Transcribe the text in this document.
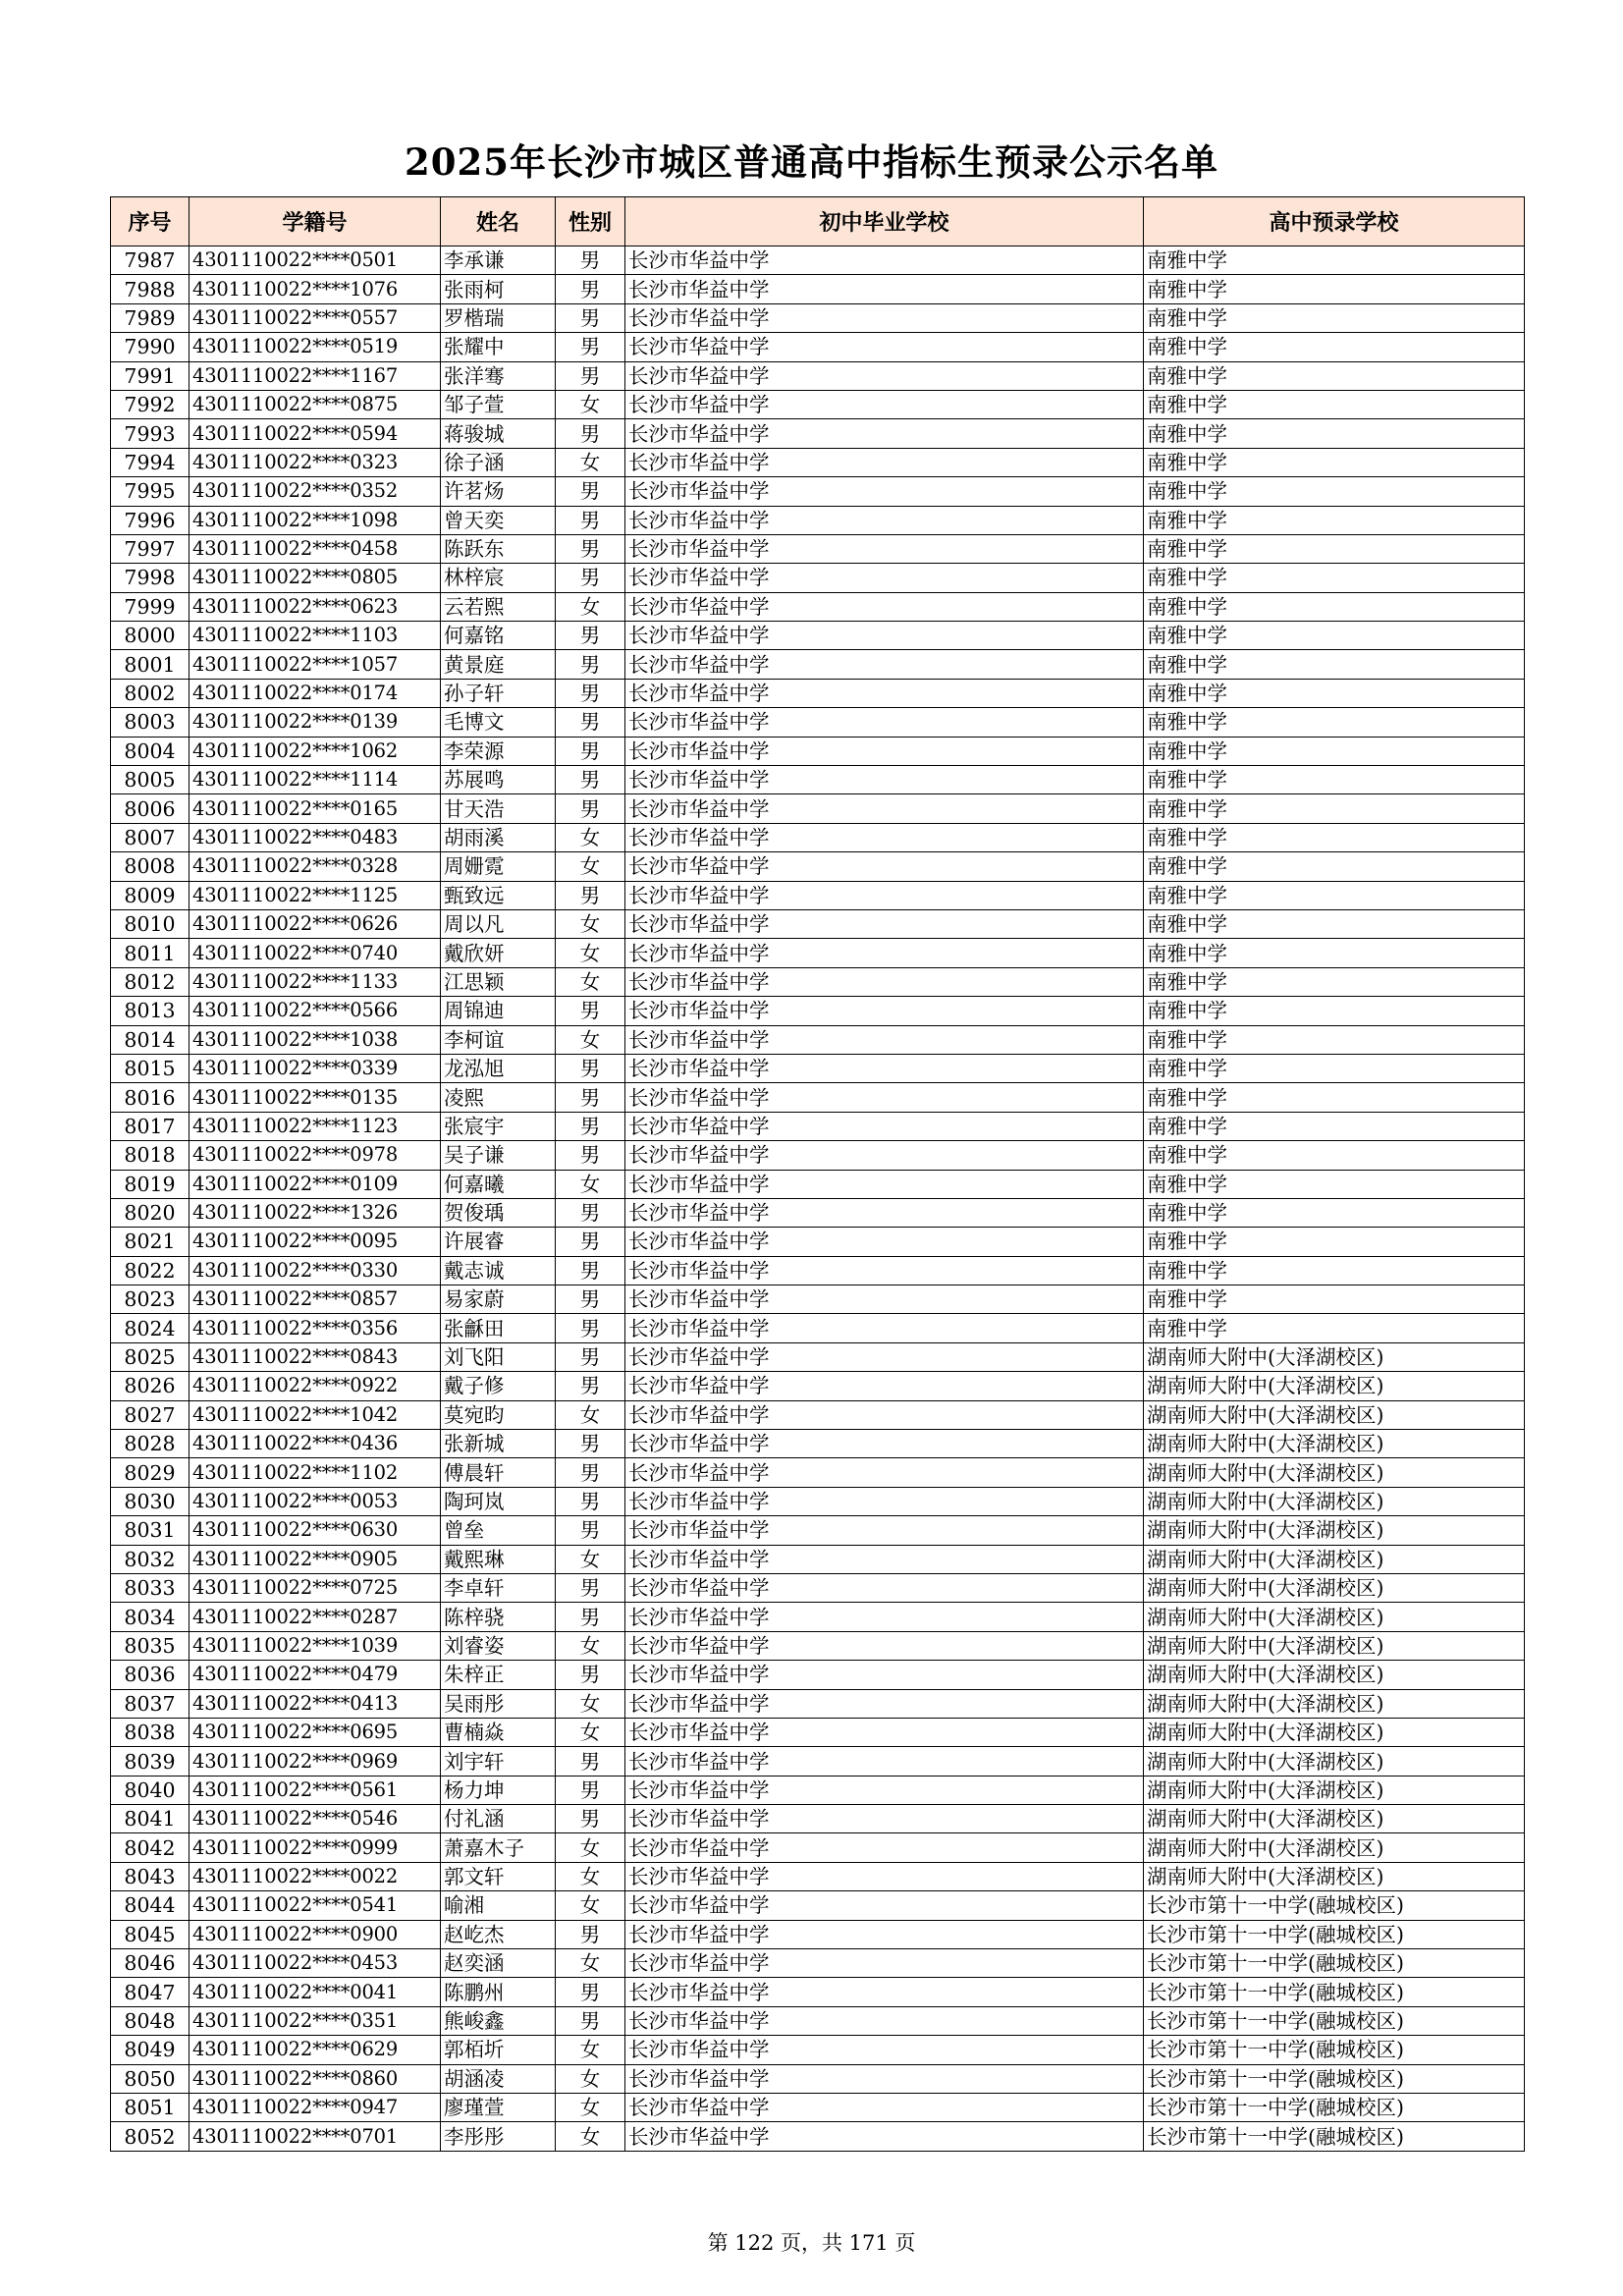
2025年长沙市城区普通高中指标生预录公示名单
序号	学籍号	姓名	性别	初中毕业学校	高中预录学校
7987	4301110022****0501	李承谦	男	长沙市华益中学	南雅中学
7988	4301110022****1076	张雨柯	男	长沙市华益中学	南雅中学
7989	4301110022****0557	罗楷瑞	男	长沙市华益中学	南雅中学
7990	4301110022****0519	张耀中	男	长沙市华益中学	南雅中学
7991	4301110022****1167	张洋骞	男	长沙市华益中学	南雅中学
7992	4301110022****0875	邹子萱	女	长沙市华益中学	南雅中学
7993	4301110022****0594	蒋骏城	男	长沙市华益中学	南雅中学
7994	4301110022****0323	徐子涵	女	长沙市华益中学	南雅中学
7995	4301110022****0352	许茗炀	男	长沙市华益中学	南雅中学
7996	4301110022****1098	曾天奕	男	长沙市华益中学	南雅中学
7997	4301110022****0458	陈跃东	男	长沙市华益中学	南雅中学
7998	4301110022****0805	林梓宸	男	长沙市华益中学	南雅中学
7999	4301110022****0623	云若熙	女	长沙市华益中学	南雅中学
8000	4301110022****1103	何嘉铭	男	长沙市华益中学	南雅中学
8001	4301110022****1057	黄景庭	男	长沙市华益中学	南雅中学
8002	4301110022****0174	孙子轩	男	长沙市华益中学	南雅中学
8003	4301110022****0139	毛博文	男	长沙市华益中学	南雅中学
8004	4301110022****1062	李荣源	男	长沙市华益中学	南雅中学
8005	4301110022****1114	苏展鸣	男	长沙市华益中学	南雅中学
8006	4301110022****0165	甘天浩	男	长沙市华益中学	南雅中学
8007	4301110022****0483	胡雨溪	女	长沙市华益中学	南雅中学
8008	4301110022****0328	周姗霓	女	长沙市华益中学	南雅中学
8009	4301110022****1125	甄致远	男	长沙市华益中学	南雅中学
8010	4301110022****0626	周以凡	女	长沙市华益中学	南雅中学
8011	4301110022****0740	戴欣妍	女	长沙市华益中学	南雅中学
8012	4301110022****1133	江思颖	女	长沙市华益中学	南雅中学
8013	4301110022****0566	周锦迪	男	长沙市华益中学	南雅中学
8014	4301110022****1038	李柯谊	女	长沙市华益中学	南雅中学
8015	4301110022****0339	龙泓旭	男	长沙市华益中学	南雅中学
8016	4301110022****0135	凌熙	男	长沙市华益中学	南雅中学
8017	4301110022****1123	张宸宇	男	长沙市华益中学	南雅中学
8018	4301110022****0978	吴子谦	男	长沙市华益中学	南雅中学
8019	4301110022****0109	何嘉曦	女	长沙市华益中学	南雅中学
8020	4301110022****1326	贺俊瑀	男	长沙市华益中学	南雅中学
8021	4301110022****0095	许展睿	男	长沙市华益中学	南雅中学
8022	4301110022****0330	戴志诚	男	长沙市华益中学	南雅中学
8023	4301110022****0857	易家蔚	男	长沙市华益中学	南雅中学
8024	4301110022****0356	张龢田	男	长沙市华益中学	南雅中学
8025	4301110022****0843	刘飞阳	男	长沙市华益中学	湖南师大附中(大泽湖校区)
8026	4301110022****0922	戴子修	男	长沙市华益中学	湖南师大附中(大泽湖校区)
8027	4301110022****1042	莫宛昀	女	长沙市华益中学	湖南师大附中(大泽湖校区)
8028	4301110022****0436	张新城	男	长沙市华益中学	湖南师大附中(大泽湖校区)
8029	4301110022****1102	傅晨轩	男	长沙市华益中学	湖南师大附中(大泽湖校区)
8030	4301110022****0053	陶珂岚	男	长沙市华益中学	湖南师大附中(大泽湖校区)
8031	4301110022****0630	曾垒	男	长沙市华益中学	湖南师大附中(大泽湖校区)
8032	4301110022****0905	戴熙琳	女	长沙市华益中学	湖南师大附中(大泽湖校区)
8033	4301110022****0725	李卓轩	男	长沙市华益中学	湖南师大附中(大泽湖校区)
8034	4301110022****0287	陈梓骁	男	长沙市华益中学	湖南师大附中(大泽湖校区)
8035	4301110022****1039	刘睿姿	女	长沙市华益中学	湖南师大附中(大泽湖校区)
8036	4301110022****0479	朱梓正	男	长沙市华益中学	湖南师大附中(大泽湖校区)
8037	4301110022****0413	吴雨彤	女	长沙市华益中学	湖南师大附中(大泽湖校区)
8038	4301110022****0695	曹楠焱	女	长沙市华益中学	湖南师大附中(大泽湖校区)
8039	4301110022****0969	刘宇轩	男	长沙市华益中学	湖南师大附中(大泽湖校区)
8040	4301110022****0561	杨力坤	男	长沙市华益中学	湖南师大附中(大泽湖校区)
8041	4301110022****0546	付礼涵	男	长沙市华益中学	湖南师大附中(大泽湖校区)
8042	4301110022****0999	萧嘉木子	女	长沙市华益中学	湖南师大附中(大泽湖校区)
8043	4301110022****0022	郭文轩	女	长沙市华益中学	湖南师大附中(大泽湖校区)
8044	4301110022****0541	喻湘	女	长沙市华益中学	长沙市第十一中学(融城校区)
8045	4301110022****0900	赵屹杰	男	长沙市华益中学	长沙市第十一中学(融城校区)
8046	4301110022****0453	赵奕涵	女	长沙市华益中学	长沙市第十一中学(融城校区)
8047	4301110022****0041	陈鹏州	男	长沙市华益中学	长沙市第十一中学(融城校区)
8048	4301110022****0351	熊峻鑫	男	长沙市华益中学	长沙市第十一中学(融城校区)
8049	4301110022****0629	郭栢圻	女	长沙市华益中学	长沙市第十一中学(融城校区)
8050	4301110022****0860	胡涵凌	女	长沙市华益中学	长沙市第十一中学(融城校区)
8051	4301110022****0947	廖瑾萱	女	长沙市华益中学	长沙市第十一中学(融城校区)
8052	4301110022****0701	李彤彤	女	长沙市华益中学	长沙市第十一中学(融城校区)
第 122 页，共 171 页
